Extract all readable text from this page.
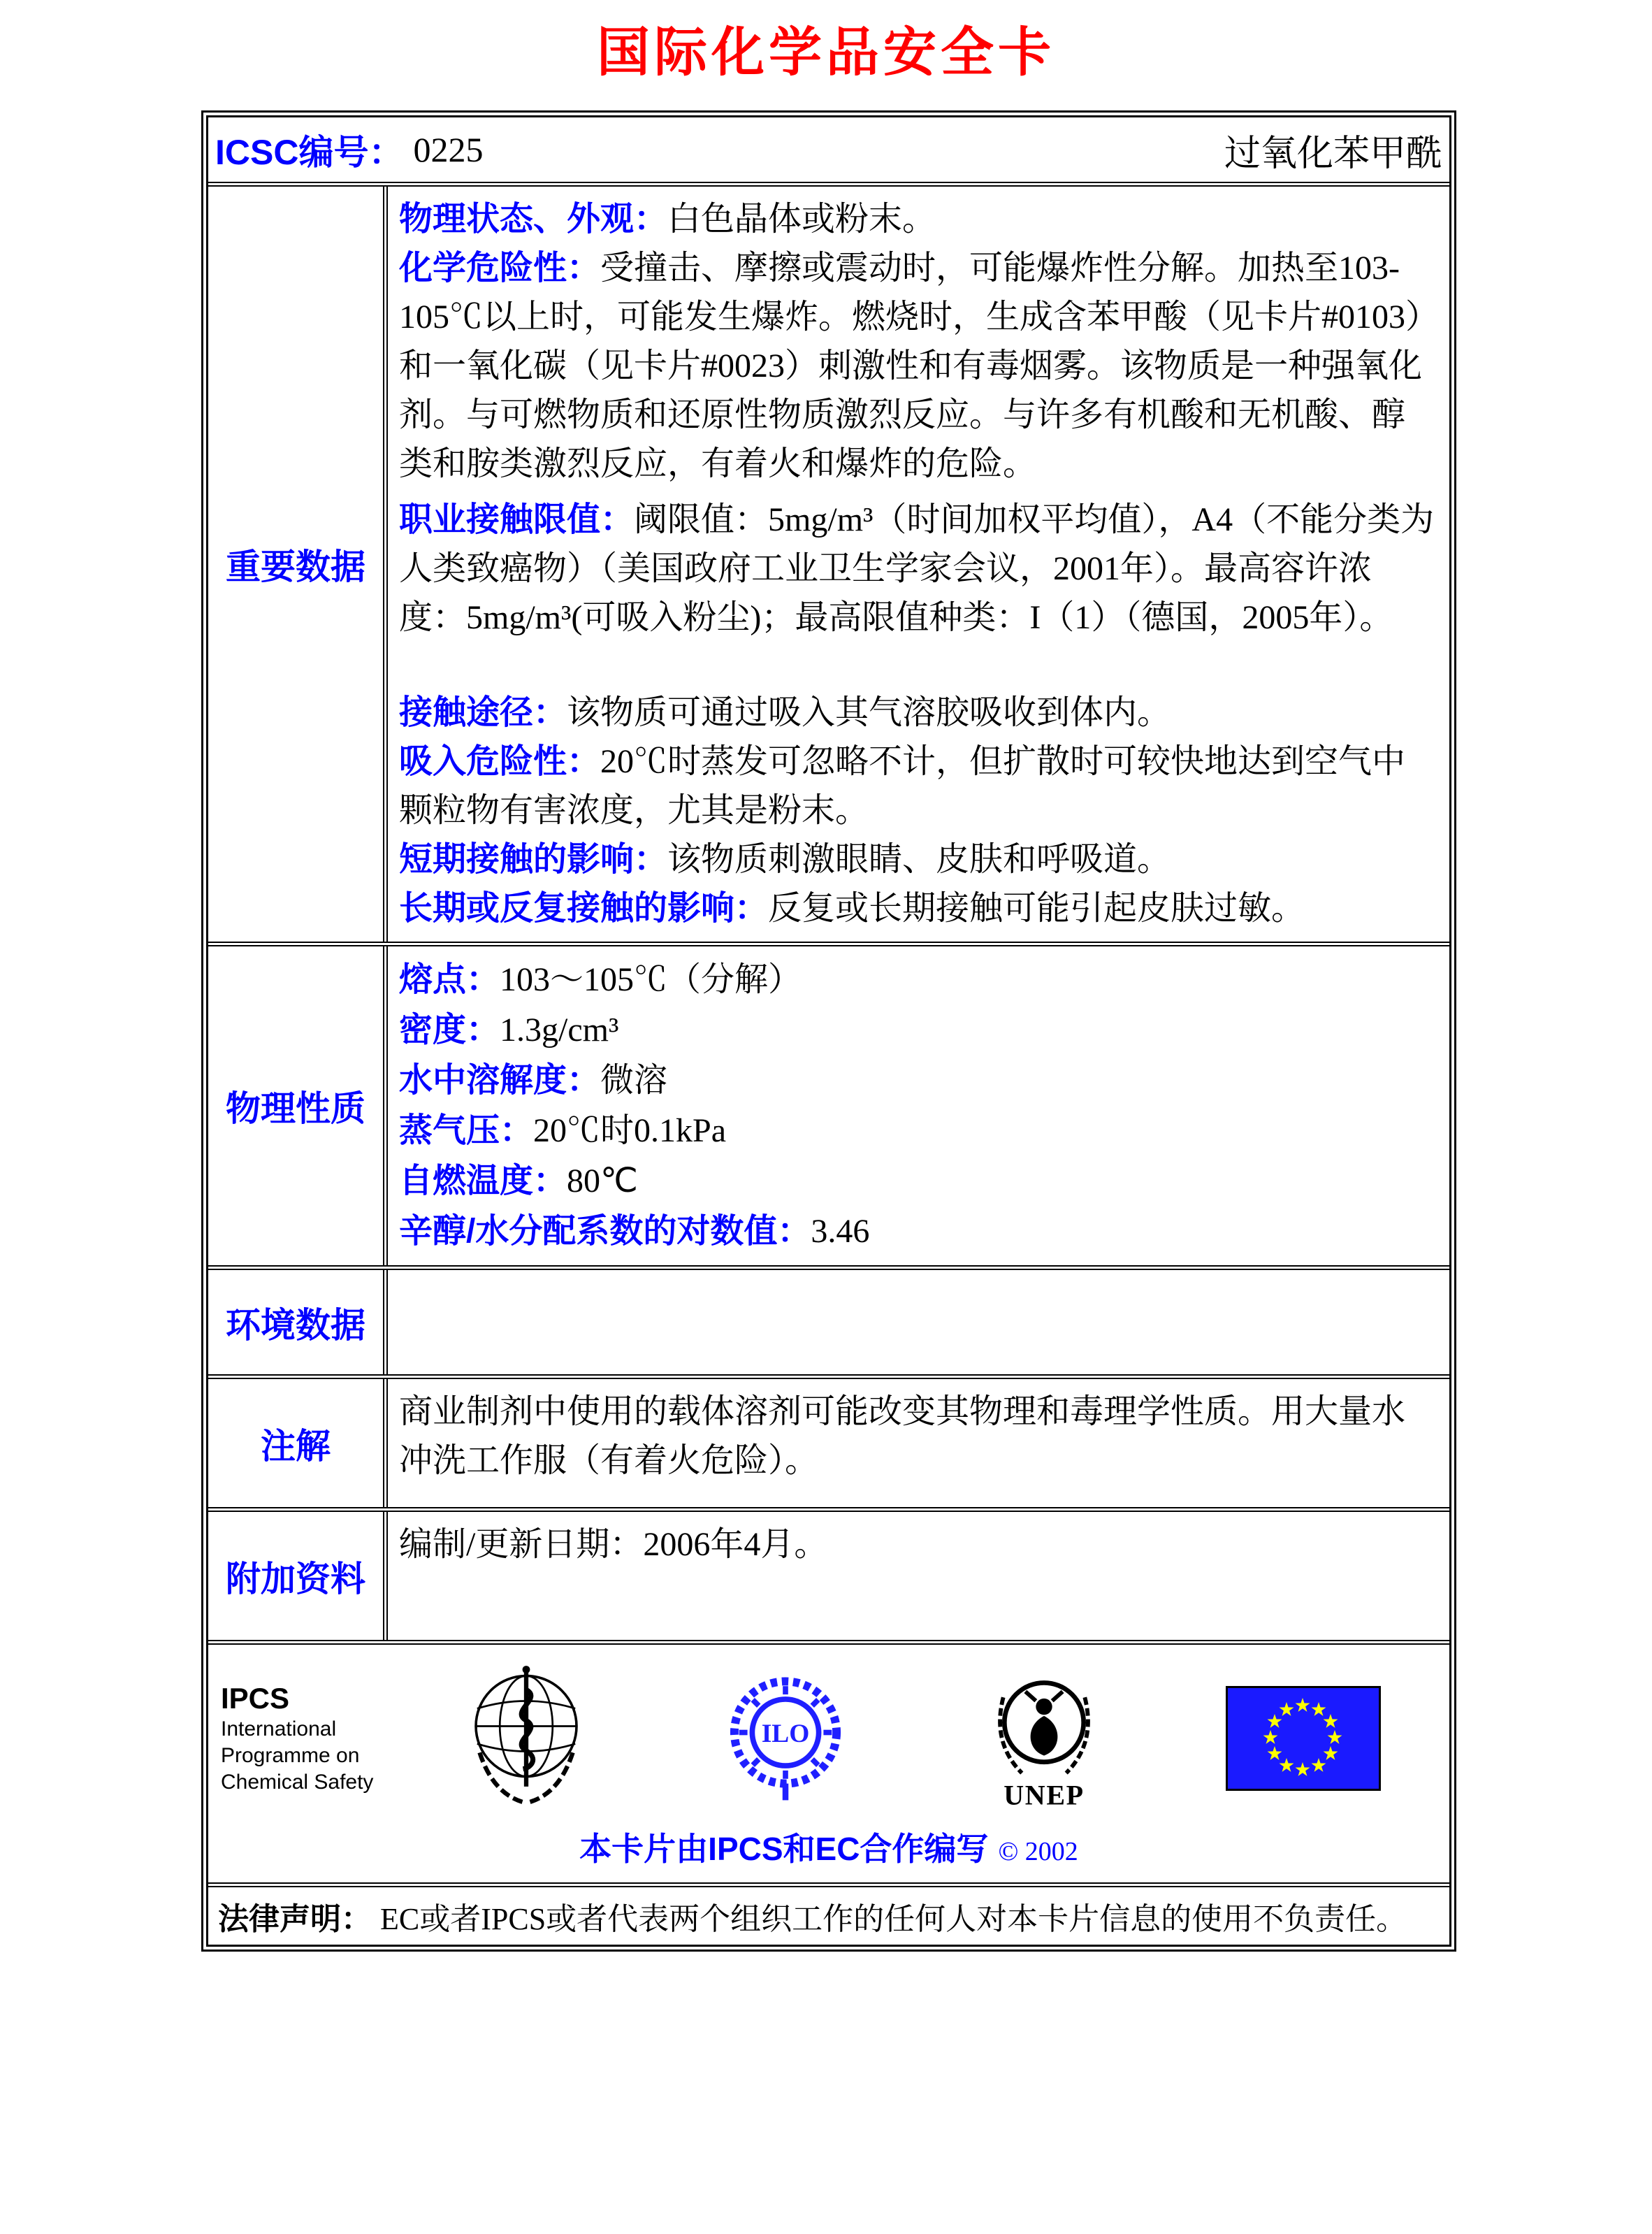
国际化学品安全卡
ICSC编号： 0225	过氧化苯甲酰
重要数据

物理状态、外观：白色晶体或粉末。

化学危险性：受撞击、摩擦或震动时，可能爆炸性分解。加热至103-105℃以上时，可能发生爆炸。燃烧时，生成含苯甲酸（见卡片#0103）和一氧化碳（见卡片#0023）刺激性和有毒烟雾。该物质是一种强氧化剂。与可燃物质和还原性物质激烈反应。与许多有机酸和无机酸、醇类和胺类激烈反应，有着火和爆炸的危险。

职业接触限值：阈限值：5mg/m³（时间加权平均值），A4（不能分类为人类致癌物）（美国政府工业卫生学家会议，2001年）。最高容许浓度：5mg/m³(可吸入粉尘)；最高限值种类：I（1）（德国，2005年）。

接触途径：该物质可通过吸入其气溶胶吸收到体内。

吸入危险性：20℃时蒸发可忽略不计，但扩散时可较快地达到空气中颗粒物有害浓度，尤其是粉末。

短期接触的影响：该物质刺激眼睛、皮肤和呼吸道。

长期或反复接触的影响：反复或长期接触可能引起皮肤过敏。

物理性质

熔点：103～105℃（分解）

密度：1.3g/cm³

水中溶解度：微溶

蒸气压：20℃时0.1kPa

自燃温度：80℃

辛醇/水分配系数的对数值：3.46

环境数据
注解
商业制剂中使用的载体溶剂可能改变其物理和毒理学性质。用大量水冲洗工作服（有着火危险）。
附加资料
编制/更新日期：2006年4月。
IPCS
International
Programme on
Chemical Safety
ILO
UNEP
本卡片由IPCS和EC合作编写 © 2002
法律声明： EC或者IPCS或者代表两个组织工作的任何人对本卡片信息的使用不负责任。
